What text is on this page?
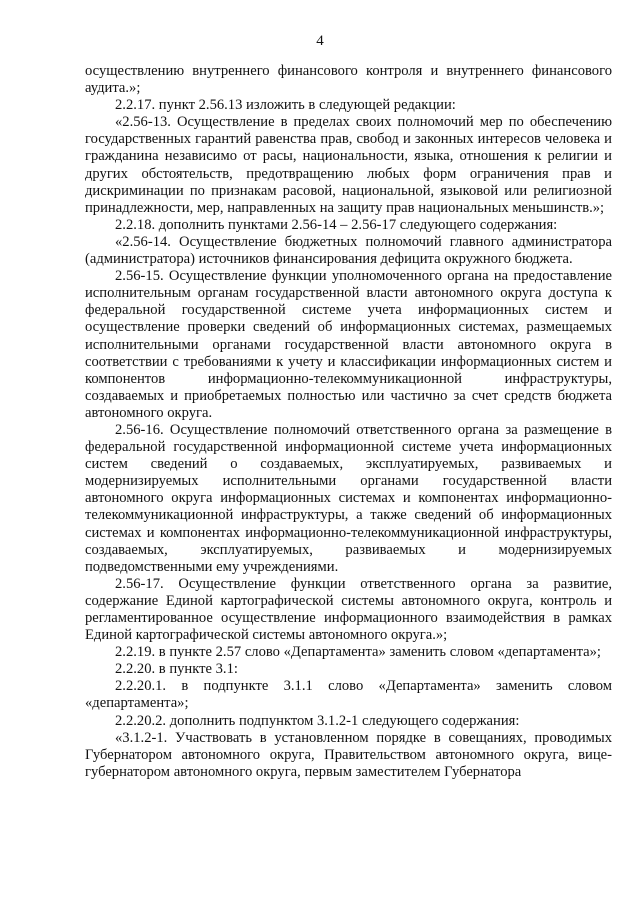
4

осуществлению внутреннего финансового контроля и внутреннего финансового аудита.»;

2.2.17. пункт 2.56.13 изложить в следующей редакции:

«2.56-13. Осуществление в пределах своих полномочий мер по обеспечению государственных гарантий равенства прав, свобод и законных интересов человека и гражданина независимо от расы, национальности, языка, отношения к религии и других обстоятельств, предотвращению любых форм ограничения прав и дискриминации по признакам расовой, национальной, языковой или религиозной принадлежности, мер, направленных на защиту прав национальных меньшинств.»;

2.2.18. дополнить пунктами 2.56-14 – 2.56-17 следующего содержания:

«2.56-14. Осуществление бюджетных полномочий главного администратора (администратора) источников финансирования дефицита окружного бюджета.

2.56-15. Осуществление функции уполномоченного органа на предоставление исполнительным органам государственной власти автономного округа доступа к федеральной государственной системе учета информационных систем и осуществление проверки сведений об информационных системах, размещаемых исполнительными органами государственной власти автономного округа в соответствии с требованиями к учету и классификации информационных систем и компонентов информационно-телекоммуникационной инфраструктуры, создаваемых и приобретаемых полностью или частично за счет средств бюджета автономного округа.

2.56-16. Осуществление полномочий ответственного органа за размещение в федеральной государственной информационной системе учета информационных систем сведений о создаваемых, эксплуатируемых, развиваемых и модернизируемых исполнительными органами государственной власти автономного округа информационных системах и компонентах информационно-телекоммуникационной инфраструктуры, а также сведений об информационных системах и компонентах информационно-телекоммуникационной инфраструктуры, создаваемых, эксплуатируемых, развиваемых и модернизируемых подведомственными ему учреждениями.

2.56-17. Осуществление функции ответственного органа за развитие, содержание Единой картографической системы автономного округа, контроль и регламентированное осуществление информационного взаимодействия в рамках Единой картографической системы автономного округа.»;

2.2.19. в пункте 2.57 слово «Департамента» заменить словом «департамента»;

2.2.20. в пункте 3.1:

2.2.20.1. в подпункте 3.1.1 слово «Департамента» заменить словом «департамента»;

2.2.20.2. дополнить подпунктом 3.1.2-1 следующего содержания:

«3.1.2-1. Участвовать в установленном порядке в совещаниях, проводимых Губернатором автономного округа, Правительством автономного округа, вице-губернатором автономного округа, первым заместителем Губернатора
